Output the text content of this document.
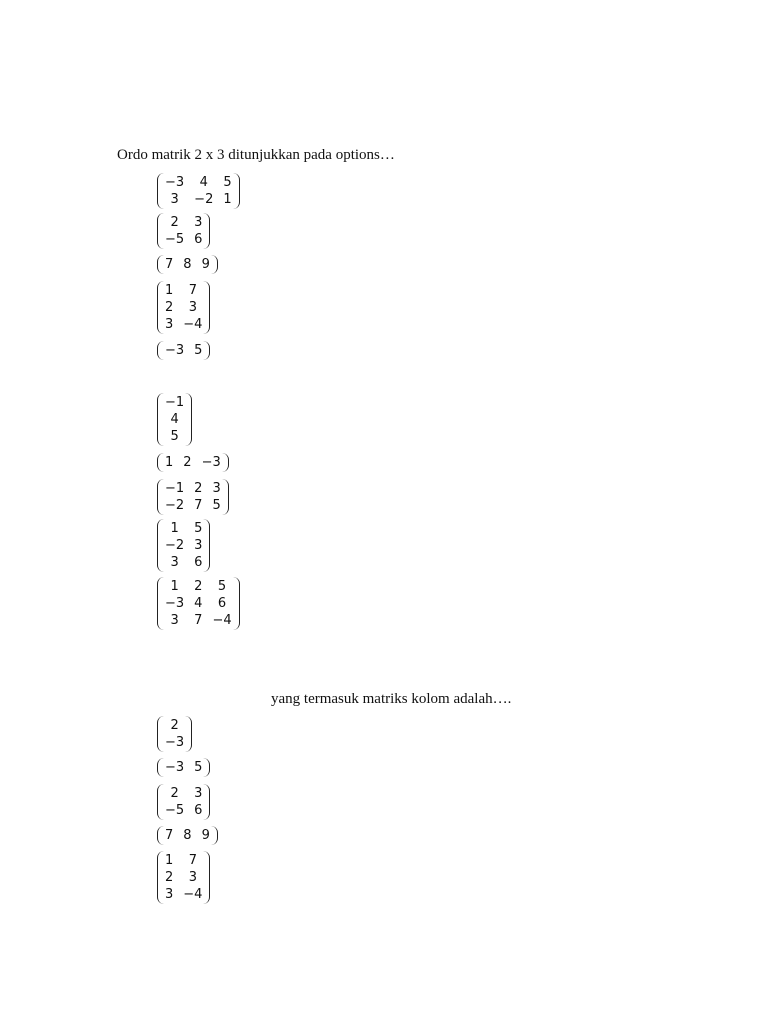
Ordo matrik 2 x 3 ditunjukkan pada options…
−3	4	5
3	−2 1
2	3
−5 6
7 8 9
1	7
2	3
3 −4
−3 5
−1
4
5
1 2 −3
−1 2 3
−2 7 5
1	5
−2 3
3	6
1	2	5
−3 4	6
3	7 −4
yang termasuk matriks kolom adalah….
2
−3
−3 5
2	3
−5 6
7 8 9
1	7
2	3
3 −4
